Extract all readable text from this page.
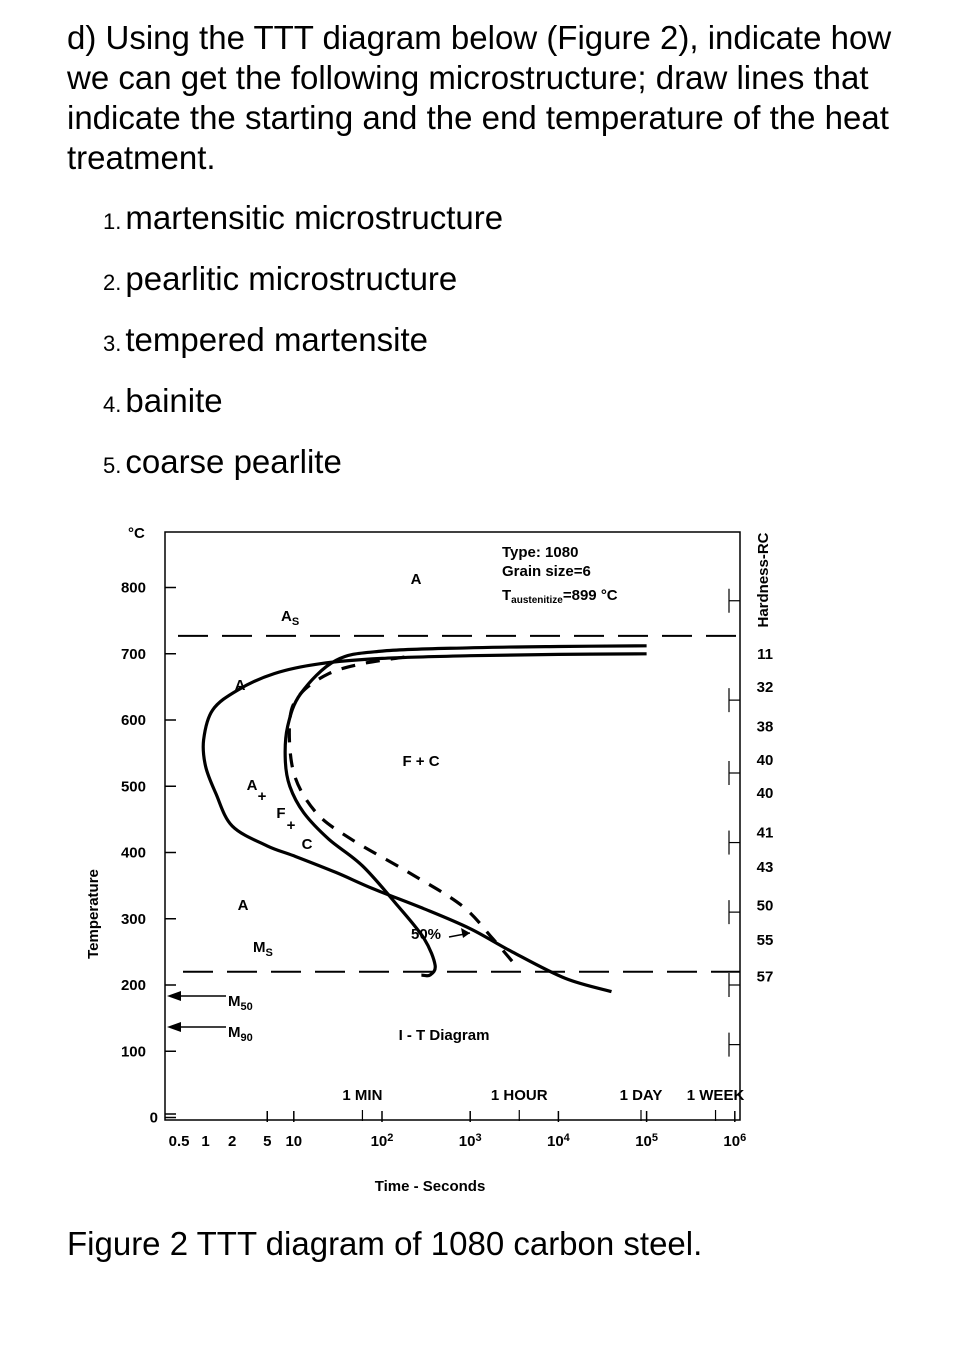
d) Using the TTT diagram below (Figure 2), indicate how we can get the following microstructure; draw lines that indicate the starting and the end temperature of the heat treatment.

1. martensitic microstructure
2. pearlitic microstructure
3. tempered martensite
4. bainite
5. coarse pearlite
°C
Temperature
Hardness-RC
Time - Seconds
I - T Diagram
800
700
600
500
400
300
200
100
0
0.5 1 2 5 10	$10^2$	$10^3$	$10^4$	$10^5$	$10^6$
1 MIN	1 HOUR	1 DAY 1 WEEK
11
32
38
40
40
41
43
50
55
57
Type: 1080
Grain size=6
$T_{austenitize}=899$ °C
A
$A_S$
A
A
+
F
+
C
F + C
A
$M_S$
50%
$M_{50}$
$M_{90}$
Figure 2 TTT diagram of 1080 carbon steel.
